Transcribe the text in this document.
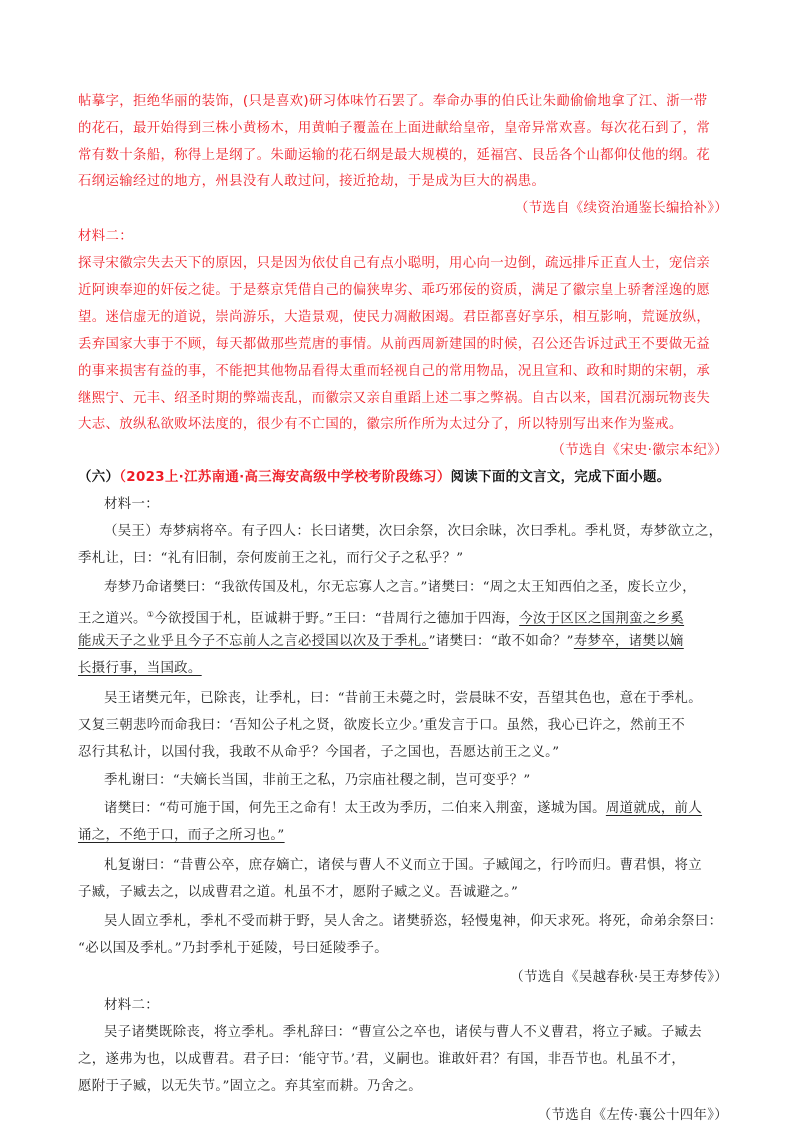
帖摹字，拒绝华丽的装饰，(只是喜欢)研习体味竹石罢了。奉命办事的伯氏让朱勔偷偷地拿了江、浙一带
的花石，最开始得到三株小黄杨木，用黄帕子覆盖在上面进献给皇帝，皇帝异常欢喜。每次花石到了，常
常有数十条船，称得上是纲了。朱勔运输的花石纲是最大规模的，延福宫、艮岳各个山都仰仗他的纲。花
石纲运输经过的地方，州县没有人敢过问，接近抢劫，于是成为巨大的祸患。
（节选自《续资治通鉴长编拾补》）
材料二：
探寻宋徽宗失去天下的原因，只是因为依仗自己有点小聪明，用心向一边倒，疏远排斥正直人士，宠信亲
近阿谀奉迎的奸佞之徒。于是蔡京凭借自己的偏狭卑劣、乖巧邪佞的资质，满足了徽宗皇上骄奢淫逸的愿
望。迷信虚无的道说，崇尚游乐，大造景观，使民力凋敝困竭。君臣都喜好享乐，相互影响，荒诞放纵，
丢弃国家大事于不顾，每天都做那些荒唐的事情。从前西周新建国的时候，召公还告诉过武王不要做无益
的事来损害有益的事，不能把其他物品看得太重而轻视自己的常用物品，况且宣和、政和时期的宋朝，承
继熙宁、元丰、绍圣时期的弊端丧乱，而徽宗又亲自重蹈上述二事之弊祸。自古以来，国君沉溺玩物丧失
大志、放纵私欲败坏法度的，很少有不亡国的，徽宗所作所为太过分了，所以特别写出来作为鉴戒。
（节选自《宋史·徽宗本纪》）
（六）（2023上·江苏南通·高三海安高级中学校考阶段练习）阅读下面的文言文，完成下面小题。
材料一：
（吴王）寿梦病将卒。有子四人：长曰诸樊，次曰余祭，次曰余昧，次曰季札。季札贤，寿梦欲立之，
季札让，曰：“礼有旧制，奈何废前王之礼，而行父子之私乎？”
寿梦乃命诸樊曰：“我欲传国及札，尔无忘寡人之言。”诸樊曰：“周之太王知西伯之圣，废长立少，
王之道兴。①今欲授国于札，臣诚耕于野。”王曰：“昔周行之德加于四海，今汝于区区之国荆蛮之乡奚
能成天子之业乎且今子不忘前人之言必授国以次及于季札。”诸樊曰：“敢不如命？”寿梦卒，诸樊以嫡
长摄行事，当国政。
吴王诸樊元年，已除丧，让季札，曰：“昔前王未薨之时，尝晨昧不安，吾望其色也，意在于季札。
又复三朝悲吟而命我曰：‘吾知公子札之贤，欲废长立少。’重发言于口。虽然，我心已许之，然前王不
忍行其私计，以国付我，我敢不从命乎？今国者，子之国也，吾愿达前王之义。”
季札谢曰：“夫嫡长当国，非前王之私，乃宗庙社稷之制，岂可变乎？”
诸樊曰：“苟可施于国，何先王之命有！太王改为季历，二伯来入荆蛮，遂城为国。周道就成，前人
诵之，不绝于口，而子之所习也。”
札复谢曰：“昔曹公卒，庶存嫡亡，诸侯与曹人不义而立于国。子臧闻之，行吟而归。曹君惧，将立
子臧，子臧去之，以成曹君之道。札虽不才，愿附子臧之义。吾诚避之。”
吴人固立季札，季札不受而耕于野，吴人舍之。诸樊骄恣，轻慢鬼神，仰天求死。将死，命弟余祭曰：
“必以国及季札。”乃封季札于延陵，号曰延陵季子。
（节选自《吴越春秋·吴王寿梦传》）
材料二：
吴子诸樊既除丧，将立季札。季札辞曰：“曹宣公之卒也，诸侯与曹人不义曹君，将立子臧。子臧去
之，遂弗为也，以成曹君。君子曰：‘能守节。’君，义嗣也。谁敢奸君？有国，非吾节也。札虽不才，
愿附于子臧，以无失节。”固立之。弃其室而耕。乃舍之。
（节选自《左传·襄公十四年》）
